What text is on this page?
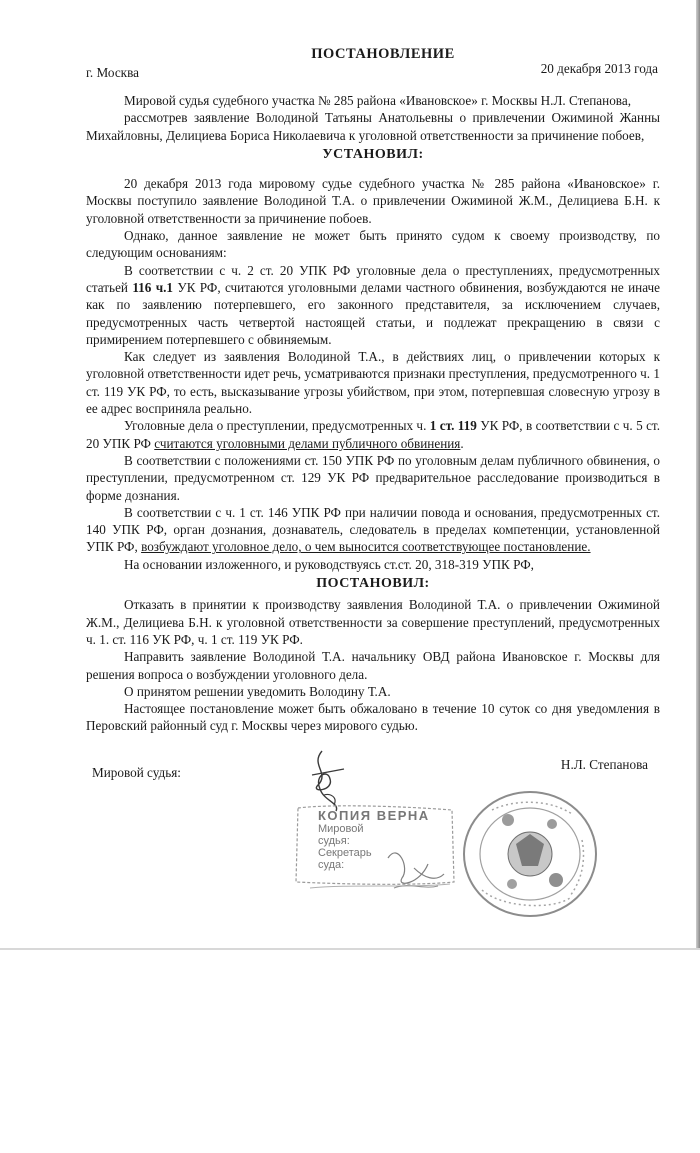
ПОСТАНОВЛЕНИЕ
г. Москва	20 декабря 2013 года

Мировой судья судебного участка № 285 района «Ивановское» г. Москвы Н.Л. Степанова,

рассмотрев заявление Володиной Татьяны Анатольевны о привлечении Ожиминой Жанны Михайловны, Делициева Бориса Николаевича к уголовной ответственности за причинение побоев,

УСТАНОВИЛ:

20 декабря 2013 года мировому судье судебного участка № 285 района «Ивановское» г. Москвы поступило заявление Володиной Т.А. о привлечении Ожиминой Ж.М., Делициева Б.Н. к уголовной ответственности за причинение побоев.

Однако, данное заявление не может быть принято судом к своему производству, по следующим основаниям:

В соответствии с ч. 2 ст. 20 УПК РФ уголовные дела о преступлениях, предусмотренных статьей 116 ч.1 УК РФ, считаются уголовными делами частного обвинения, возбуждаются не иначе как по заявлению потерпевшего, его законного представителя, за исключением случаев, предусмотренных часть четвертой настоящей статьи, и подлежат прекращению в связи с примирением потерпевшего с обвиняемым.

Как следует из заявления Володиной Т.А., в действиях лиц, о привлечении которых к уголовной ответственности идет речь, усматриваются признаки преступления, предусмотренного ч. 1 ст. 119 УК РФ, то есть, высказывание угрозы убийством, при этом, потерпевшая словесную угрозу в ее адрес восприняла реально.

Уголовные дела о преступлении, предусмотренных ч. 1 ст. 119 УК РФ, в соответствии с ч. 5 ст. 20 УПК РФ считаются уголовными делами публичного обвинения.

В соответствии с положениями ст. 150 УПК РФ по уголовным делам публичного обвинения, о преступлении, предусмотренном ст. 129 УК РФ предварительное расследование производиться в форме дознания.

В соответствии с ч. 1 ст. 146 УПК РФ при наличии повода и основания, предусмотренных ст. 140 УПК РФ, орган дознания, дознаватель, следователь в пределах компетенции, установленной УПК РФ, возбуждают уголовное дело, о чем выносится соответствующее постановление.

На основании изложенного, и руководствуясь ст.ст. 20, 318-319 УПК РФ,

ПОСТАНОВИЛ:

Отказать в принятии к производству заявления Володиной Т.А. о привлечении Ожиминой Ж.М., Делициева Б.Н. к уголовной ответственности за совершение преступлений, предусмотренных ч. 1. ст. 116 УК РФ, ч. 1 ст. 119 УК РФ.

Направить заявление Володиной Т.А. начальнику ОВД района Ивановское г. Москвы для решения вопроса о возбуждении уголовного дела.

О принятом решении уведомить Володину Т.А.

Настоящее постановление может быть обжаловано в течение 10 суток со дня уведомления в Перовский районный суд г. Москвы через мирового судью.

Мировой судья:
Н.Л. Степанова
КОПИЯ ВЕРНА
Мировой
судья:
Секретарь
суда:
